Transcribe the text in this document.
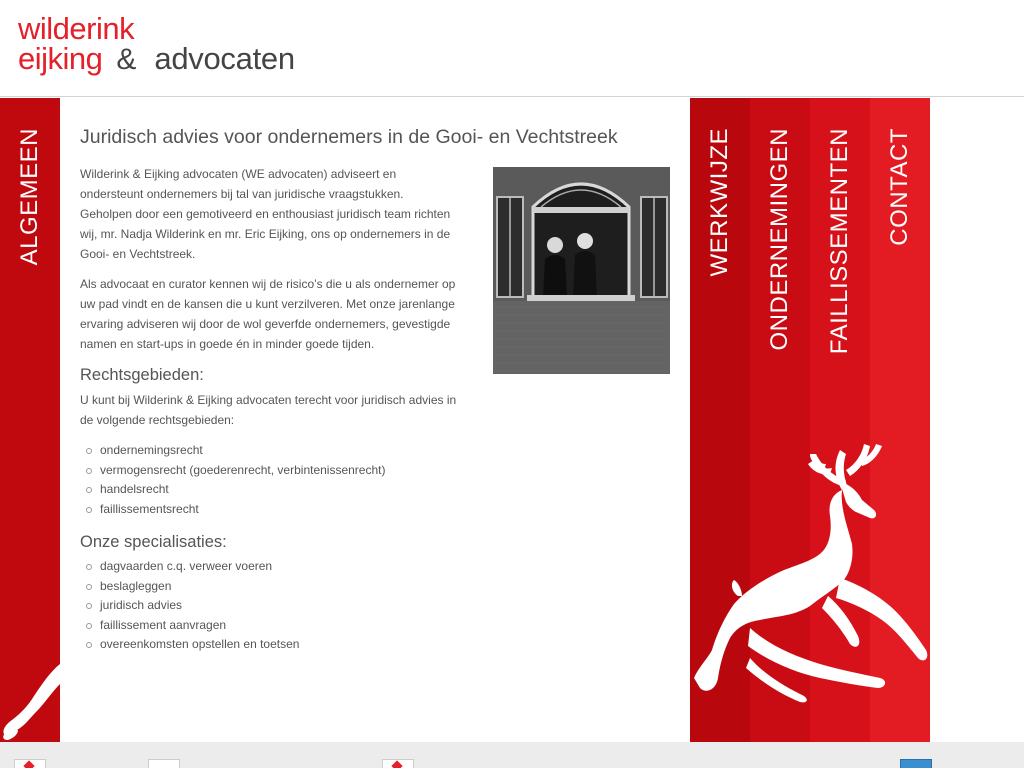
wilderink
eijking & advocaten
ALGEMEEN Juridisch advies voor ondernemers in de Gooi- en Vechtstreek

Wilderink & Eijking advocaten (WE advocaten) adviseert en ondersteunt ondernemers bij tal van juridische vraagstukken. Geholpen door een gemotiveerd en enthousiast juridisch team richten wij, mr. Nadja Wilderink en mr. Eric Eijking, ons op ondernemers in de Gooi- en Vechtstreek.

Als advocaat en curator kennen wij de risico’s die u als ondernemer op uw pad vindt en de kansen die u kunt verzilveren. Met onze jarenlange ervaring adviseren wij door de wol geverfde ondernemers, gevestigde namen en start-ups in goede én in minder goede tijden.

Rechtsgebieden:

U kunt bij Wilderink & Eijking advocaten terecht voor juridisch advies in de volgende rechtsgebieden:

ondernemingsrecht
vermogensrecht (goederenrecht, verbintenissenrecht)
handelsrecht
faillissementsrecht
Onze specialisaties:
dagvaarden c.q. verweer voeren
beslagleggen
juridisch advies
faillissement aanvragen
overeenkomsten opstellen en toetsen
WERKWIJZE ONDERNEMINGEN FAILLISSEMENTEN CONTACT
